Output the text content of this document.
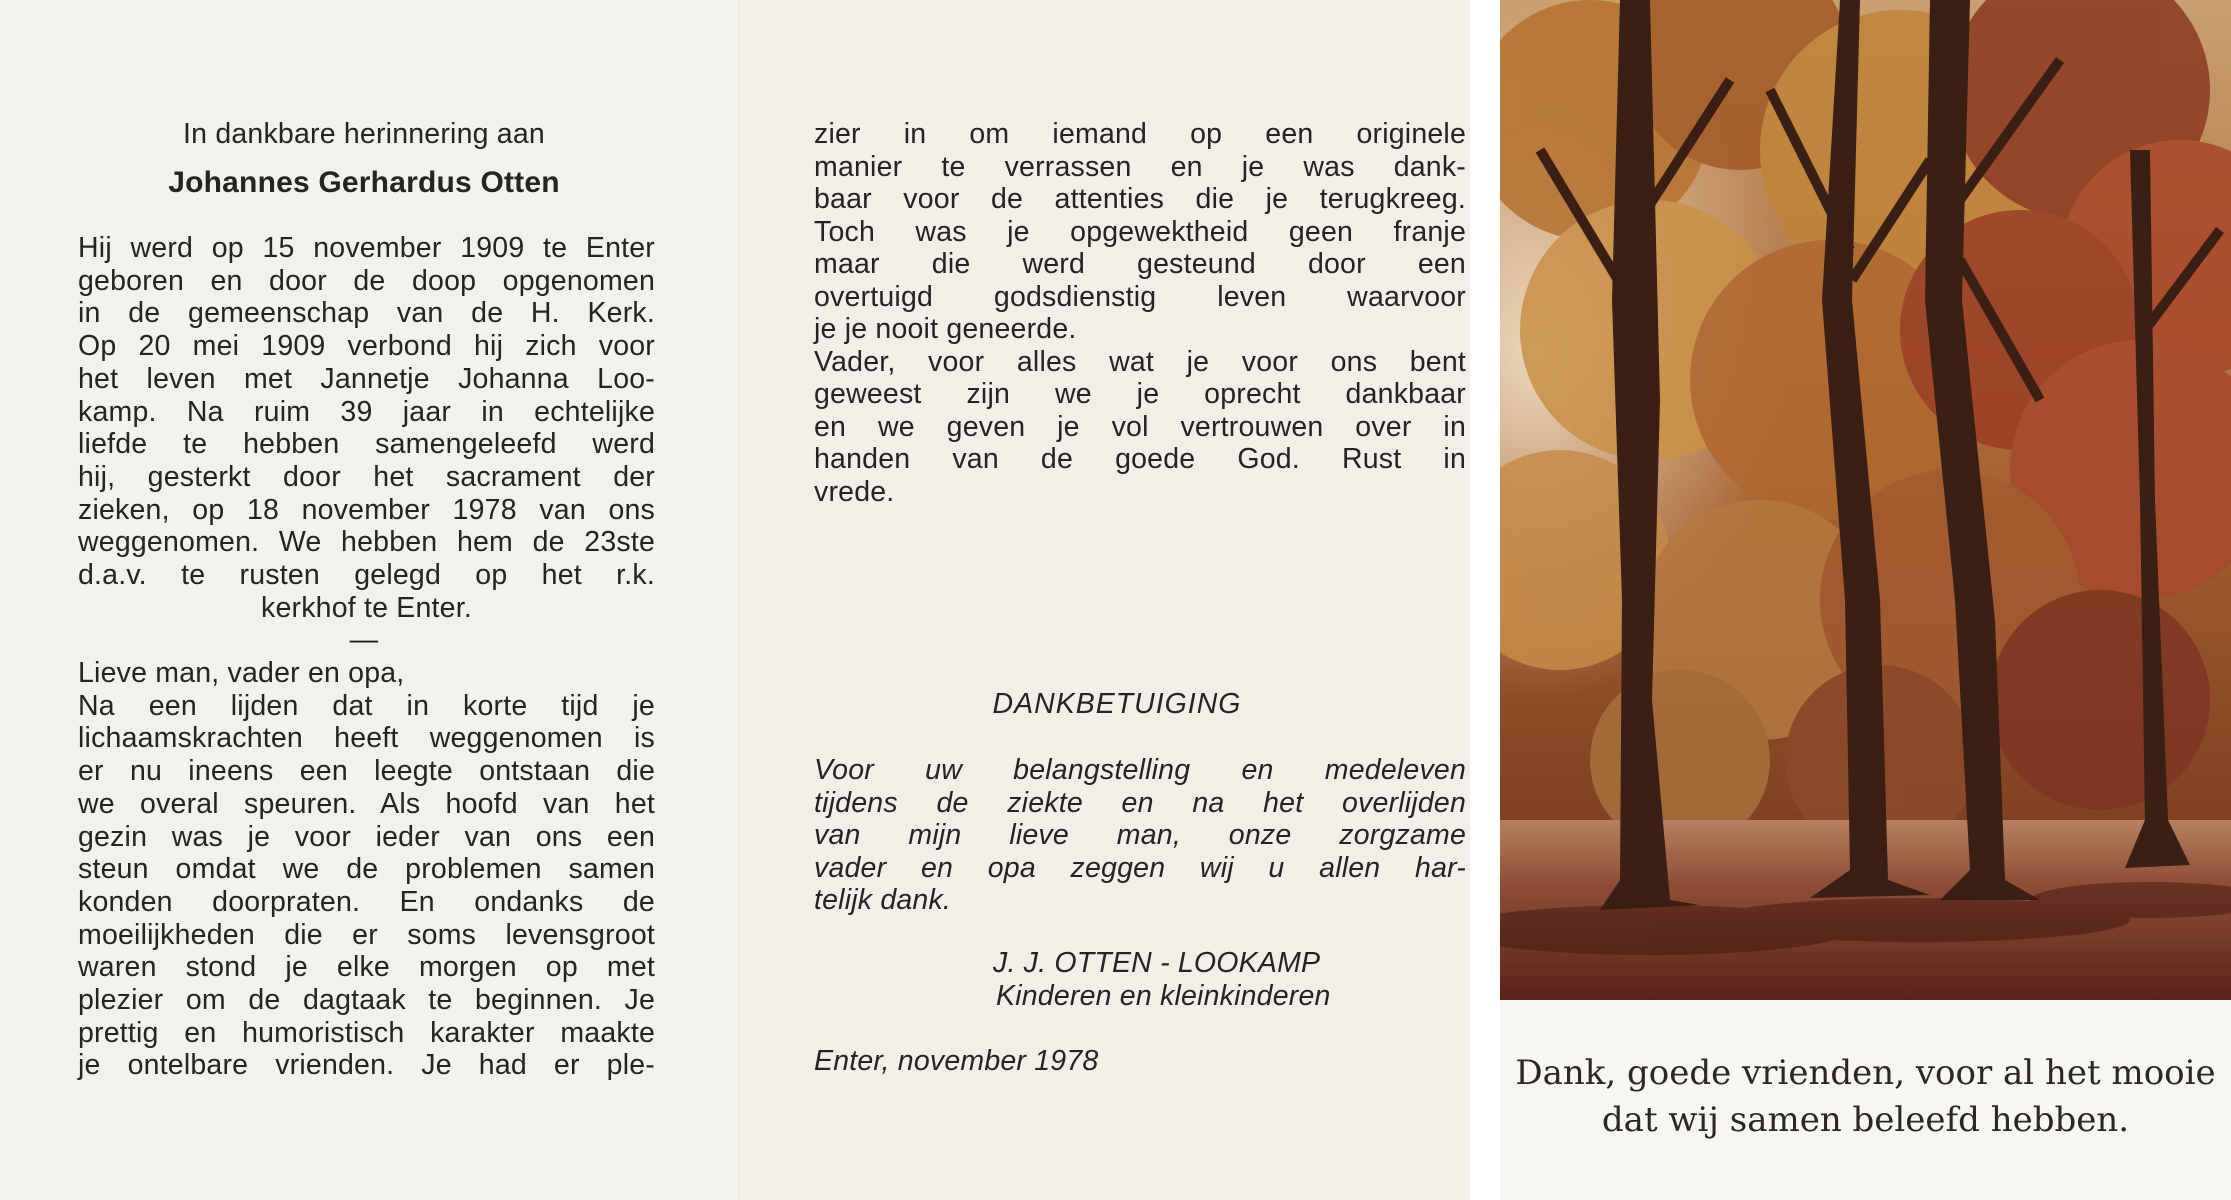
In dankbare herinnering aan
Johannes Gerhardus Otten
Hij werd op 15 november 1909 te Enter
geboren en door de doop opgenomen
in de gemeenschap van de H. Kerk.
Op 20 mei 1909 verbond hij zich voor
het leven met Jannetje Johanna Loo-
kamp. Na ruim 39 jaar in echtelijke
liefde te hebben samengeleefd werd
hij, gesterkt door het sacrament der
zieken, op 18 november 1978 van ons
weggenomen. We hebben hem de 23ste
d.a.v. te rusten gelegd op het r.k.
kerkhof te Enter.
—
Lieve man, vader en opa,
Na een lijden dat in korte tijd je
lichaamskrachten heeft weggenomen is
er nu ineens een leegte ontstaan die
we overal speuren. Als hoofd van het
gezin was je voor ieder van ons een
steun omdat we de problemen samen
konden doorpraten. En ondanks de
moeilijkheden die er soms levensgroot
waren stond je elke morgen op met
plezier om de dagtaak te beginnen. Je
prettig en humoristisch karakter maakte
je ontelbare vrienden. Je had er ple-
zier in om iemand op een originele
manier te verrassen en je was dank-
baar voor de attenties die je terugkreeg.
Toch was je opgewektheid geen franje
maar die werd gesteund door een
overtuigd godsdienstig leven waarvoor
je je nooit geneerde.
Vader, voor alles wat je voor ons bent
geweest zijn we je oprecht dankbaar
en we geven je vol vertrouwen over in
handen van de goede God. Rust in
vrede.
DANKBETUIGING
Voor uw belangstelling en medeleven
tijdens de ziekte en na het overlijden
van mijn lieve man, onze zorgzame
vader en opa zeggen wij u allen har-
telijk dank.
J. J. OTTEN - LOOKAMP
Kinderen en kleinkinderen
Enter, november 1978	Dank, goede vrienden, voor al het mooie
dat wij samen beleefd hebben.
